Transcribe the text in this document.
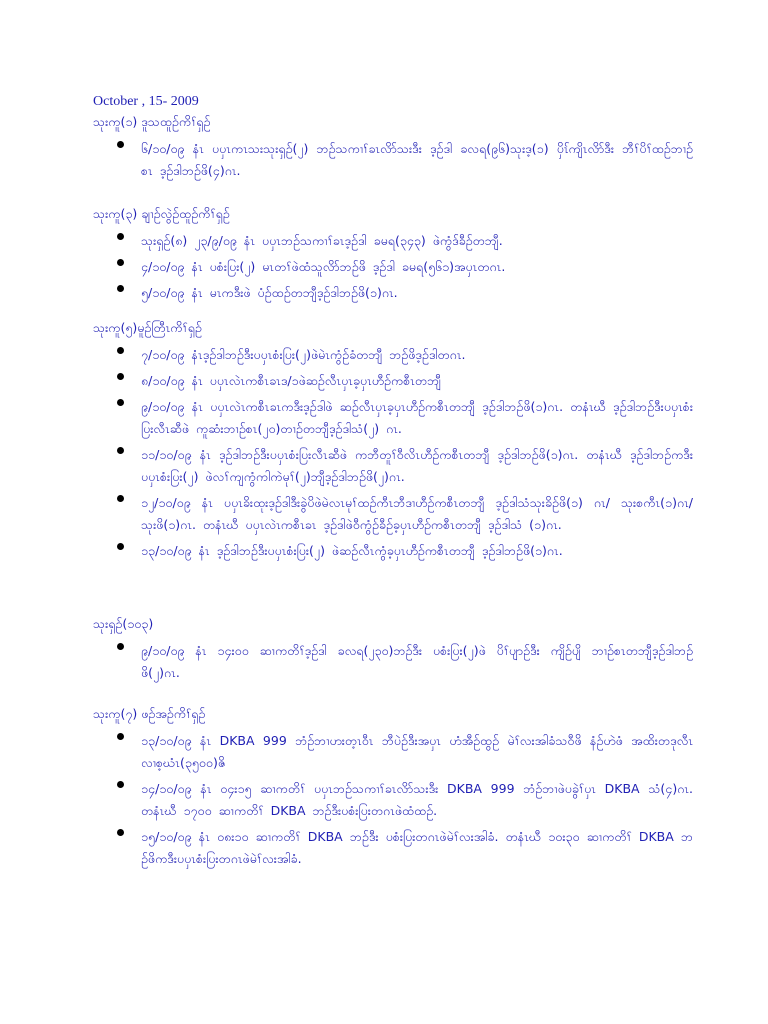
October , 15- 2009
သုးကူ(၁) ဒူသထူဉ်ကိၢ်ရှဉ်
၆/၁၀/၀၉ နံၤ ပပှၤကၤသးသုးရှဉ်(၂) ဘဉ်သကၢၢ်ခၤလိာ်သးဒီး ဒ့ဉ်ဒါ ခလရ(၉၆)သုးဒ့(၁) ပှိၤ်ကျိၤလိာ်ဒီး ဘီၢ်ပိၢ်ထဉ်ဘၢဉ်စၤ ဒ့ဉ်ဒါဘဉ်ဖိ(၄)ဂၤ.
သုးကူ(၃) ချၢဉ်လွဲဉ်ထူဉ်ကိၢ်ရှဉ်
သုးရှဉ်(၈) ၂၃/၉/၀၉ နံၤ ပပှၤဘဉ်သကၢၢ်ခၤဒ့ဉ်ဒါ ခမရ(၃၄၃) ဖဲကွံဒ်ခီဉ်တဘျီ.
၄/၁၀/၀၉ နံၤ ပစံးပြး(၂) မၤတၢ်ဖဲထံသူလိာ်ဘဉ်ဖိ ဒ့ဉ်ဒါ ခမရ(၅၆၁)အပှၤတဂၤ.
၅/၁၀/၀၉ နံၤ မၤကဒီးဖဲ ပံဉ်ထဉ်တဘျီဒ့ဉ်ဒါဘဉ်ဖိ(၁)ဂၤ.
သုးကူ(၅)မူဉ်တြီၤကိၢ်ရှဉ်
၇/၁၀/၀၉ နံၤဒ့ဉ်ဒါဘဉ်ဒီးပပှၤစံးပြး(၂)ဖဲမဲၤကွံဉ်ခံတဘျီ ဘဉ်ဖိဒ့ဉ်ဒါတဂၤ.
၈/၁၀/၀၉ နံၤ ပပှၤလဲၤကစီၤခၤဒ/၁ဖဲဆဉ်လီၤပှၤခ့ပှၤဟီဉ်ကစီၤတဘျီ
၉/၁၀/၀၉ နံၤ ပပှၤလဲၤကစီၤခၤကဒီးဒ့ဉ်ဒါဖဲ ဆဉ်လီၤပှၤခ့ပှၤဟီဉ်ကစီၤတဘျီ ဒ့ဉ်ဒါဘဉ်ဖိ(၁)ဂၤ. တနံၤဃီ ဒ့ဉ်ဒါဘဉ်ဒီးပပှၤစံးပြးလီၤဆီဖဲ ကူဆံးဘၢဉ်စၤ(၂၀)တၢဉ်တဘျီဒ့ဉ်ဒါသံ(၂) ဂၤ.
၁၁/၁၀/၀၉ နံၤ ဒ့ဉ်ဒါဘဉ်ဒီးပပှၤစံးပြးလီၤဆီဖဲ ကဘီတူၢ်ဝီလိၤဟီဉ်ကစီၤတဘျီ ဒ့ဉ်ဒါဘဉ်ဖိ(၁)ဂၤ. တနံၤဃီ ဒ့ဉ်ဒါဘဉ်ကဒီးပပှၤစံးပြး(၂) ဖဲလၢ်ကျကွံကါကဲမုၢ်(၂)ဘျီဒ့ဉ်ဒါဘဉ်ဖိ(၂)ဂၤ.
၁၂/၁၀/၀၉ နံၤ ပပှၤခိးထုးဒ့ဉ်ဒါဒီးခွဲပိဖဲမဲလၤမုၢ်ထဉ်ကီၤဘီဒၢဟီဉ်ကစီၤတဘျီ ဒ့ဉ်ဒါသံသုးခိဉ်ဖိ(၁) ဂၤ/ သုးစကီၤ(၁)ဂၤ/ သုးဖိ(၁)ဂၤ. တနံၤဃီ ပပှၤလဲၤကစီၤခၤ ဒ့ဉ်ဒါဖဲဝီကွံဉ်ခီဉ်ခ့ပှၤဟီဉ်ကစီၤတဘျီ ဒ့ဉ်ဒါသံ (၁)ဂၤ.
၁၃/၁၀/၀၉ နံၤ ဒ့ဉ်ဒါဘဉ်ဒီးပပှၤစံးပြး(၂) ဖဲဆဉ်လီၤကွံခ့ပှၤဟီဉ်ကစီၤတဘျီ ဒ့ဉ်ဒါဘဉ်ဖိ(၁)ဂၤ.
သုးရှဉ်(၁၀၃)
၉/၁၀/၀၉ နံၤ ၁၄း၀၀ ဆၢကတိၢ်ဒ့ဉ်ဒါ ခလရ(၂၃၀)ဘဉ်ဒီး ပစံးပြး(၂)ဖဲ ပိၢ်ပျာဉ်ဒီး ကျိဉ်ပျိ ဘၢဉ်စၤတဘျီဒ့ဉ်ဒါဘဉ်ဖိ(၂)ဂၤ.
သုးကူ(၇) ဖဉ်အဉ်ကိၢ်ရှဉ်
၁၃/၁၀/၀၉ နံၤ DKBA 999 ဘံဉ်ဘၢဟးတ့ၤဝီၤ ဘီပဲဉ်ဒီးအပှၤ ဟံအီဉ်ထွဉ် မဲၢ်လးအါခံသဝီဖိ နံဉ်ဟဲဖံ အထိးတဒုလီၤလၢစ့ဃံၤ(၃၅၀၀)ဇိ
၁၄/၁၀/၀၉ နံၤ ၀၄း၁၅ ဆၢကတိၢ် ပပှၤဘဉ်သကၢၢ်ခၤလိာ်သးဒီး DKBA 999 ဘံဉ်ဘၢဖဲပခွဲၢ်ပှၤ DKBA သံ(၄)ဂၤ. တနံၤဃီ ၁၇၀၀ ဆၢကတိၢ် DKBA ဘဉ်ဒီးပစံးပြးတဂၤဖဲထံထဉ်.
၁၅/၁၀/၀၉ နံၤ ၀၈း၁၀ ဆၢကတိၢ် DKBA ဘဉ်ဒီး ပစံးပြးတဂၤဖဲမဲၢ်လးအါခံ. တနံၤဃီ ၁၀း၃၀ ဆၢကတိၢ် DKBA ဘဉ်ဖိကဒီးပပှၤစံးပြးတဂၤဖဲမဲၢ်လးအါခံ.
